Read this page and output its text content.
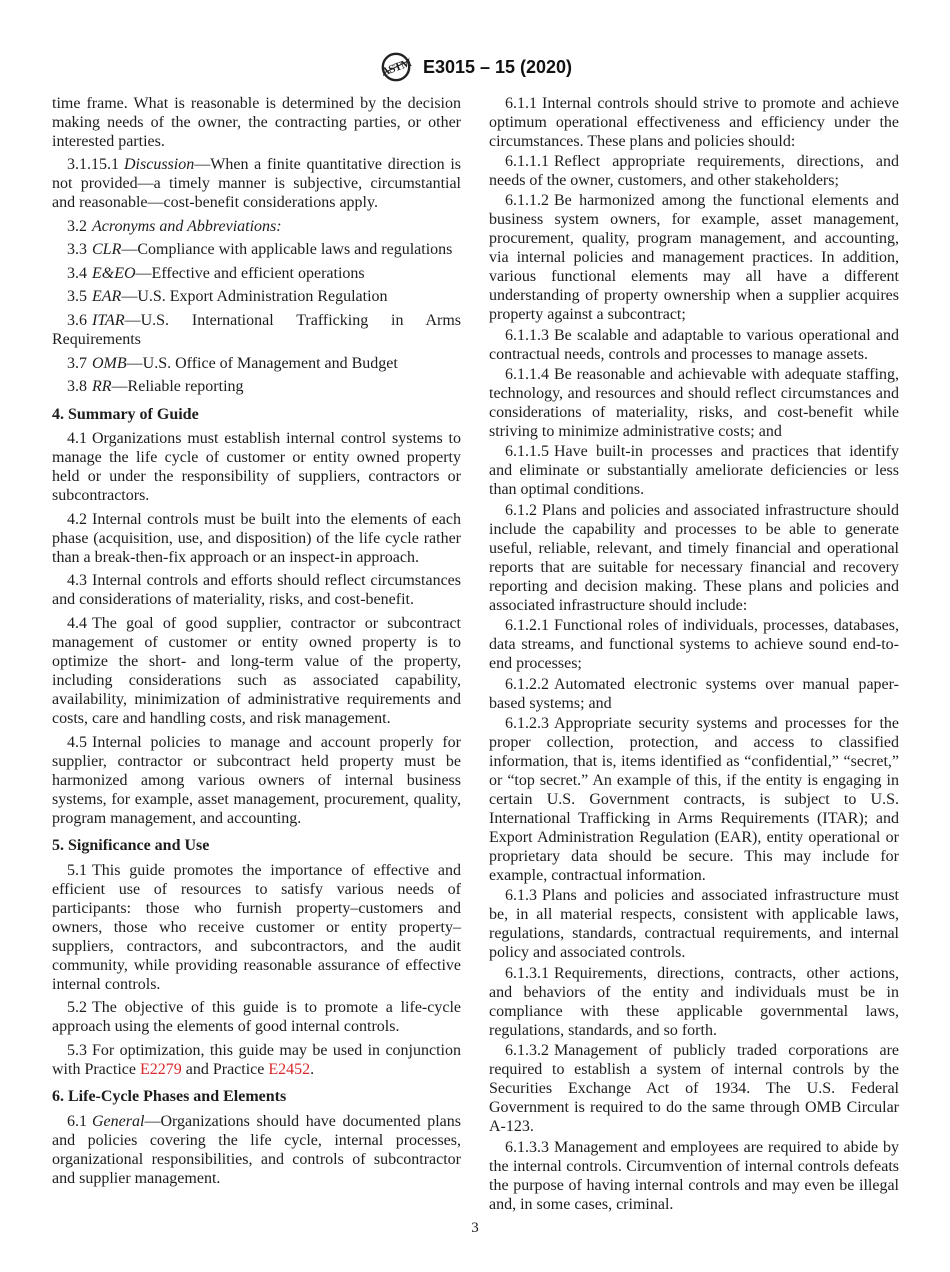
ASTM E3015 – 15 (2020)

time frame. What is reasonable is determined by the decision making needs of the owner, the contracting parties, or other interested parties.

3.1.15.1 Discussion—When a finite quantitative direction is not provided—a timely manner is subjective, circumstantial and reasonable—cost-benefit considerations apply.

3.2 Acronyms and Abbreviations:

3.3 CLR—Compliance with applicable laws and regulations

3.4 E&EO—Effective and efficient operations

3.5 EAR—U.S. Export Administration Regulation

3.6 ITAR—U.S. International Trafficking in Arms Requirements

3.7 OMB—U.S. Office of Management and Budget

3.8 RR—Reliable reporting

4. Summary of Guide

4.1 Organizations must establish internal control systems to manage the life cycle of customer or entity owned property held or under the responsibility of suppliers, contractors or subcontractors.

4.2 Internal controls must be built into the elements of each phase (acquisition, use, and disposition) of the life cycle rather than a break-then-fix approach or an inspect-in approach.

4.3 Internal controls and efforts should reflect circumstances and considerations of materiality, risks, and cost-benefit.

4.4 The goal of good supplier, contractor or subcontract management of customer or entity owned property is to optimize the short- and long-term value of the property, including considerations such as associated capability, availability, minimization of administrative requirements and costs, care and handling costs, and risk management.

4.5 Internal policies to manage and account properly for supplier, contractor or subcontract held property must be harmonized among various owners of internal business systems, for example, asset management, procurement, quality, program management, and accounting.

5. Significance and Use

5.1 This guide promotes the importance of effective and efficient use of resources to satisfy various needs of participants: those who furnish property–customers and owners, those who receive customer or entity property–suppliers, contractors, and subcontractors, and the audit community, while providing reasonable assurance of effective internal controls.

5.2 The objective of this guide is to promote a life-cycle approach using the elements of good internal controls.

5.3 For optimization, this guide may be used in conjunction with Practice E2279 and Practice E2452.

6. Life-Cycle Phases and Elements

6.1 General—Organizations should have documented plans and policies covering the life cycle, internal processes, organizational responsibilities, and controls of subcontractor and supplier management.

6.1.1 Internal controls should strive to promote and achieve optimum operational effectiveness and efficiency under the circumstances. These plans and policies should:

6.1.1.1 Reflect appropriate requirements, directions, and needs of the owner, customers, and other stakeholders;

6.1.1.2 Be harmonized among the functional elements and business system owners, for example, asset management, procurement, quality, program management, and accounting, via internal policies and management practices. In addition, various functional elements may all have a different understanding of property ownership when a supplier acquires property against a subcontract;

6.1.1.3 Be scalable and adaptable to various operational and contractual needs, controls and processes to manage assets.

6.1.1.4 Be reasonable and achievable with adequate staffing, technology, and resources and should reflect circumstances and considerations of materiality, risks, and cost-benefit while striving to minimize administrative costs; and

6.1.1.5 Have built-in processes and practices that identify and eliminate or substantially ameliorate deficiencies or less than optimal conditions.

6.1.2 Plans and policies and associated infrastructure should include the capability and processes to be able to generate useful, reliable, relevant, and timely financial and operational reports that are suitable for necessary financial and recovery reporting and decision making. These plans and policies and associated infrastructure should include:

6.1.2.1 Functional roles of individuals, processes, databases, data streams, and functional systems to achieve sound end-to-end processes;

6.1.2.2 Automated electronic systems over manual paper-based systems; and

6.1.2.3 Appropriate security systems and processes for the proper collection, protection, and access to classified information, that is, items identified as “confidential,” “secret,” or “top secret.” An example of this, if the entity is engaging in certain U.S. Government contracts, is subject to U.S. International Trafficking in Arms Requirements (ITAR); and Export Administration Regulation (EAR), entity operational or proprietary data should be secure. This may include for example, contractual information.

6.1.3 Plans and policies and associated infrastructure must be, in all material respects, consistent with applicable laws, regulations, standards, contractual requirements, and internal policy and associated controls.

6.1.3.1 Requirements, directions, contracts, other actions, and behaviors of the entity and individuals must be in compliance with these applicable governmental laws, regulations, standards, and so forth.

6.1.3.2 Management of publicly traded corporations are required to establish a system of internal controls by the Securities Exchange Act of 1934. The U.S. Federal Government is required to do the same through OMB Circular A-123.

6.1.3.3 Management and employees are required to abide by the internal controls. Circumvention of internal controls defeats the purpose of having internal controls and may even be illegal and, in some cases, criminal.

3
